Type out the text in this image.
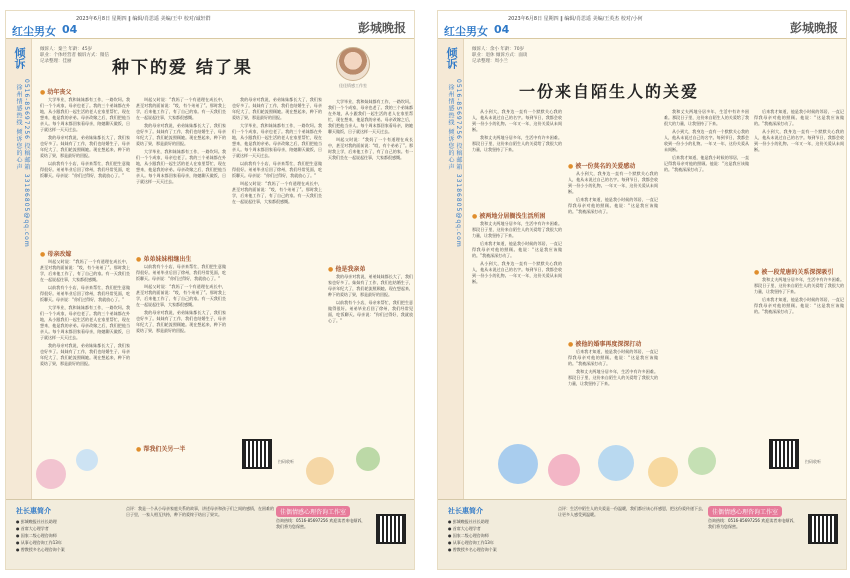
红尘男女 04
2023年6月8日 星期四 ‖ 编辑/肖思遥 美编/王中 校对/诚轩群
彭城晚报
倾诉
徐州情感热线 倾诉您的心声 0516-85697256 投稿邮箱 33186805@qq.com
倾诉人：秦兰 年龄：45岁
职业：个体经营者 倾诉方式：微信
记录整理：佳丽	种下的爱 结了果
佳佳情感工作室
● 幼年丧父

大学毕业，我和妹妹都有工作，一路坎坷。我们一个个成家，母亲也老了。我的三个弟妹都在外地，从小跟我们一起生活的老人在家里帮忙，现在想来，他是我的亲弟。母亲改嫁之后，我们把他当亲人。每个周末都回家看母亲，陪她聊天做饭，日子就这样一天天过去。

我的母亲对我说，弟弟妹妹都长大了，我们家也好多了。妹妹有了工作，我们也结婚生子，母亲年纪大了，我们轮流照顾她。现在想起来，种下的爱结了果，那是最好的回报。

以前我有个小店，母亲来帮忙，我们把生意做得很好。弟弟毕业后回了徐州，我们经常见面，吃饭聊天。母亲说：“你们过得好，我就放心了。”

● 母亲改嫁

叫起父时说：“我妈了一个有道理在成长中，甚至对我的面前说：“哎，有个弟弟了”。那时我上学，后来他工作了，有了自己的家。有一天我们坐在一起说起往事，大家都很感慨。

以前我有个小店，母亲来帮忙，我们把生意做得很好。弟弟毕业后回了徐州，我们经常见面，吃饭聊天。母亲说：“你们过得好，我就放心了。”

大学毕业，我和妹妹都有工作，一路坎坷。我们一个个成家，母亲也老了。我的三个弟妹都在外地，从小跟我们一起生活的老人在家里帮忙，现在想来，他是我的亲弟。母亲改嫁之后，我们把他当亲人。每个周末都回家看母亲，陪她聊天做饭，日子就这样一天天过去。

我的母亲对我说，弟弟妹妹都长大了，我们家也好多了。妹妹有了工作，我们也结婚生子，母亲年纪大了，我们轮流照顾她。现在想起来，种下的爱结了果，那是最好的回报。

叫起父时说：“我妈了一个有道理在成长中，甚至对我的面前说：“哎，有个弟弟了”。那时我上学，后来他工作了，有了自己的家。有一天我们坐在一起说起往事，大家都很感慨。

我的母亲对我说，弟弟妹妹都长大了，我们家也好多了。妹妹有了工作，我们也结婚生子，母亲年纪大了，我们轮流照顾她。现在想起来，种下的爱结了果，那是最好的回报。

大学毕业，我和妹妹都有工作，一路坎坷。我们一个个成家，母亲也老了。我的三个弟妹都在外地，从小跟我们一起生活的老人在家里帮忙，现在想来，他是我的亲弟。母亲改嫁之后，我们把他当亲人。每个周末都回家看母亲，陪她聊天做饭，日子就这样一天天过去。

● 弟弟妹妹相继出生

以前我有个小店，母亲来帮忙，我们把生意做得很好。弟弟毕业后回了徐州，我们经常见面，吃饭聊天。母亲说：“你们过得好，我就放心了。”

叫起父时说：“我妈了一个有道理在成长中，甚至对我的面前说：“哎，有个弟弟了”。那时我上学，后来他工作了，有了自己的家。有一天我们坐在一起说起往事，大家都很感慨。

我的母亲对我说，弟弟妹妹都长大了，我们家也好多了。妹妹有了工作，我们也结婚生子，母亲年纪大了，我们轮流照顾她。现在想起来，种下的爱结了果，那是最好的回报。

● 帮我们关另一半

我的母亲对我说，弟弟妹妹都长大了，我们家也好多了。妹妹有了工作，我们也结婚生子，母亲年纪大了，我们轮流照顾她。现在想起来，种下的爱结了果，那是最好的回报。

大学毕业，我和妹妹都有工作，一路坎坷。我们一个个成家，母亲也老了。我的三个弟妹都在外地，从小跟我们一起生活的老人在家里帮忙，现在想来，他是我的亲弟。母亲改嫁之后，我们把他当亲人。每个周末都回家看母亲，陪她聊天做饭，日子就这样一天天过去。

以前我有个小店，母亲来帮忙，我们把生意做得很好。弟弟毕业后回了徐州，我们经常见面，吃饭聊天。母亲说：“你们过得好，我就放心了。”

叫起父时说：“我妈了一个有道理在成长中，甚至对我的面前说：“哎，有个弟弟了”。那时我上学，后来他工作了，有了自己的家。有一天我们坐在一起说起往事，大家都很感慨。

● 他是我亲弟

大学毕业，我和妹妹都有工作，一路坎坷。我们一个个成家，母亲也老了。我的三个弟妹都在外地，从小跟我们一起生活的老人在家里帮忙，现在想来，他是我的亲弟。母亲改嫁之后，我们把他当亲人。每个周末都回家看母亲，陪她聊天做饭，日子就这样一天天过去。

叫起父时说：“我妈了一个有道理在成长中，甚至对我的面前说：“哎，有个弟弟了”。那时我上学，后来他工作了，有了自己的家。有一天我们坐在一起说起往事，大家都很感慨。

我的母亲对我说，弟弟妹妹都长大了，我们家也好多了。妹妹有了工作，我们也结婚生子，母亲年纪大了，我们轮流照顾她。现在想起来，种下的爱结了果，那是最好的回报。

以前我有个小店，母亲来帮忙，我们把生意做得很好。弟弟毕业后回了徐州，我们经常见面，吃饭聊天。母亲说：“你们过得好，我就放心了。”

扫码收听
社长惠简介
● 彭城晚报社社长助理
● 首席大心理学者
● 国家二级心理咨询师
● 从事心理咨询工作13年
● 曾教授多名心理咨询个案
点评：我是一个从小母亲家庭关系的故事，讲述母亲和孩子们之间的感情，在困难的日子里，一家人相互扶持，种下的爱终于结出了果实。	佳偶情感心理咨询工作室
咨询热线：0516-85697256 欢迎读者来电倾诉，我们将为您保密。
红尘男女 04
2023年6月8日 星期四 ‖ 编辑/肖思遥 美编/王英杰 校对/小何
彭城晚报
倾诉
徐州情感热线 倾诉您的心声 0516-85697256 投稿邮箱 33186805@qq.com
倾诉人：余小 年龄：70岁
职业：退休 倾诉方式：面谈
记录整理：周小兰
一份来自陌生人的关爱

从小到大，我身边一直有一个默默关心我的人，他从未说过自己的名字。每到节日，我都会收到一份小小的礼物。一年又一年，这份关爱从未间断。

我和丈夫两地分居多年，生活中有许多困难。那段日子里，这份来自陌生人的关爱给了我很大的力量，让我坚持了下来。

● 被两地分居搁浅生活所困

我和丈夫两地分居多年，生活中有许多困难。那段日子里，这份来自陌生人的关爱给了我很大的力量，让我坚持了下来。

后来我才知道，他是我小时候的邻居，一直记得我母亲对他的照顾。他说：“这是我应该做的。”我被深深打动了。

从小到大，我身边一直有一个默默关心我的人，他从未说过自己的名字。每到节日，我都会收到一份小小的礼物。一年又一年，这份关爱从未间断。

● 被一份莫名的关爱感动

从小到大，我身边一直有一个默默关心我的人，他从未说过自己的名字。每到节日，我都会收到一份小小的礼物。一年又一年，这份关爱从未间断。

后来我才知道，他是我小时候的邻居，一直记得我母亲对他的照顾。他说：“这是我应该做的。”我被深深打动了。

● 被他的婚事再度深深打动

后来我才知道，他是我小时候的邻居，一直记得我母亲对他的照顾。他说：“这是我应该做的。”我被深深打动了。

我和丈夫两地分居多年，生活中有许多困难。那段日子里，这份来自陌生人的关爱给了我很大的力量，让我坚持了下来。

我和丈夫两地分居多年，生活中有许多困难。那段日子里，这份来自陌生人的关爱给了我很大的力量，让我坚持了下来。

从小到大，我身边一直有一个默默关心我的人，他从未说过自己的名字。每到节日，我都会收到一份小小的礼物。一年又一年，这份关爱从未间断。

后来我才知道，他是我小时候的邻居，一直记得我母亲对他的照顾。他说：“这是我应该做的。”我被深深打动了。

后来我才知道，他是我小时候的邻居，一直记得我母亲对他的照顾。他说：“这是我应该做的。”我被深深打动了。

从小到大，我身边一直有一个默默关心我的人，他从未说过自己的名字。每到节日，我都会收到一份小小的礼物。一年又一年，这份关爱从未间断。

● 被一段荒唐的关系深深吸引

我和丈夫两地分居多年，生活中有许多困难。那段日子里，这份来自陌生人的关爱给了我很大的力量，让我坚持了下来。

后来我才知道，他是我小时候的邻居，一直记得我母亲对他的照顾。他说：“这是我应该做的。”我被深深打动了。

扫码收听
社长惠简介
● 彭城晚报社社长助理
● 首席大心理学者
● 国家二级心理咨询师
● 从事心理咨询工作13年
● 曾教授多名心理咨询个案
点评：生活中陌生人的关爱是一份温暖，我们都应该心怀感恩，把这份爱传递下去，让更多人感受到温暖。	佳偶情感心理咨询工作室
咨询热线：0516-85697256 欢迎读者来电倾诉，我们将为您保密。
